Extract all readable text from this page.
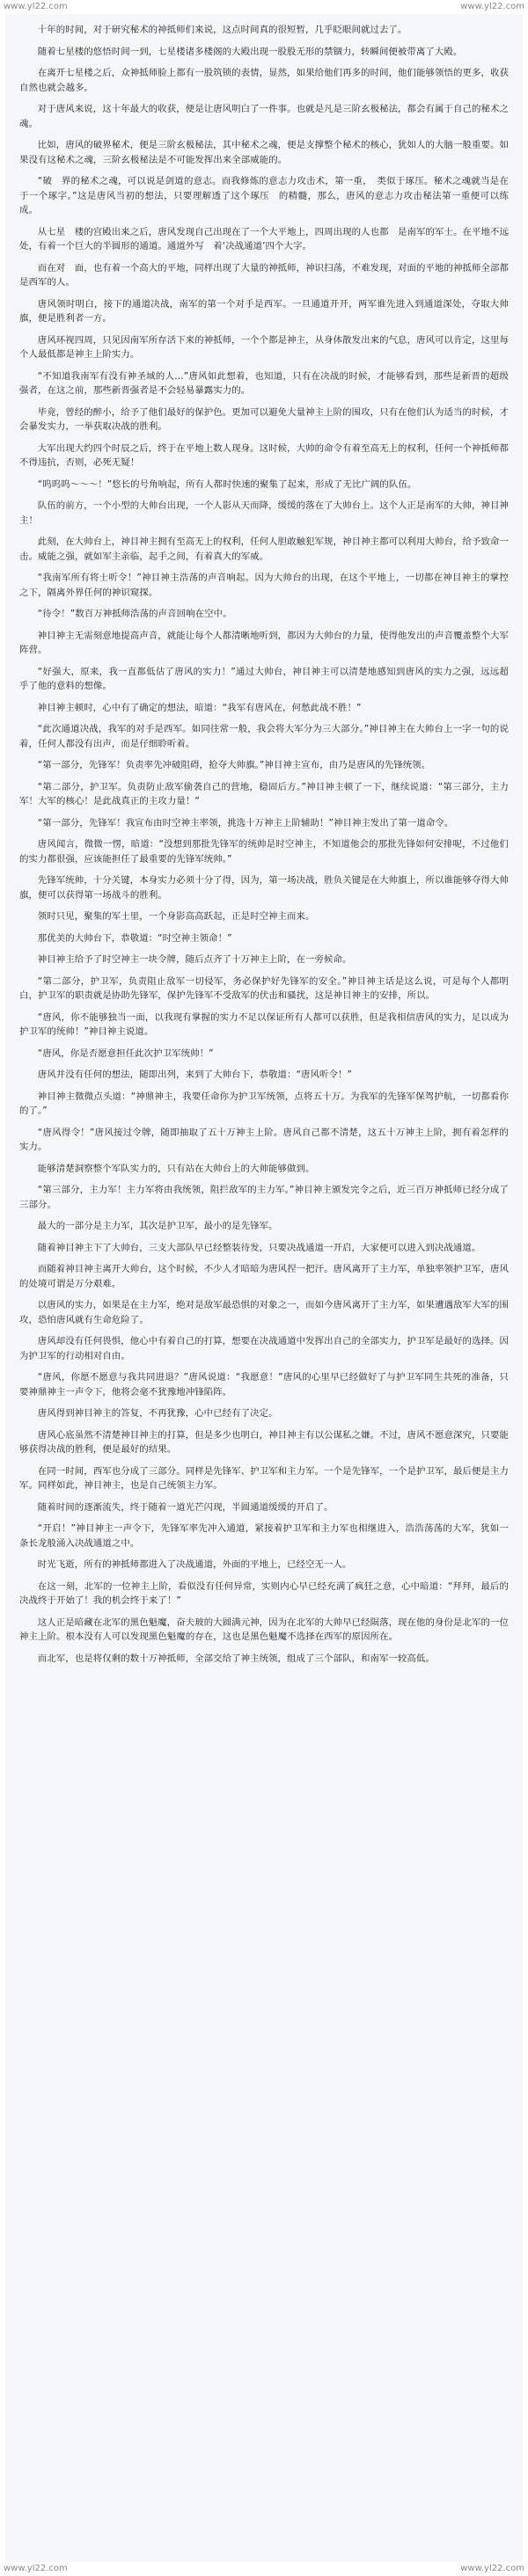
www.yl22.com	www.yl22.com

十年的时间，对于研究秘术的神抵师们来说，这点时间真的很短暂，几乎眨眼间就过去了。

随着七星楼的悠悟时间一到，七星楼诸多楼阁的大殿出现一股股无形的禁锢力，转瞬间便被带离了大殿。

在离开七星楼之后，众神抵师脸上都有一股筑锁的表情，显然，如果给他们再多的时间，他们能够领悟的更多，收获自然也就会越多。

对于唐风来说，这十年最大的收获，便是让唐风明白了一件事。也就是凡是三阶玄极秘法，都会有属于自己的秘术之魂。

比如，唐风的破界秘术，便是三阶玄极秘法，其中秘术之魂，便是支撑整个秘术的核心，犹如人的大脑一般重要。如果没有这秘术之魂，三阶玄极秘法是不可能发挥出来全部威能的。

“破　界的秘术之魂，可以说是剑道的意志。而我修炼的意志力攻击术，第一重，　类似于琢压。秘术之魂就当是在于一个琢字。”这是唐风当初的想法，只要理解透了这个琢压　的精髓，那么，唐风的意志力攻击秘法第一重便可以练成。

从七星　楼的宫殿出来之后，唐风发现自己出现在了一个大平地上，四周出现的人也都　是南军的军士。在平地不远处，有着一个巨大的半圆形的通道。通道外写　着‘决战通道’四个大字。

而在对　面，也有着一个高大的平地，同样出现了大量的神抵师，神识扫荡，不难发现，对面的平地的神抵师全部都是西军的人。

唐风领时明白，接下的通道决战，南军的第一个对手是西军。一旦通道开开，两军谁先进入到通道深处，夺取大帅旗，便是胜利者一方。

唐风环视四周，只见因南军所存活下来的神抵师，一个个都是神主，从身体散发出来的气息，唐风可以肯定，这里每个人最低都是神主上阶实力。

“不知道我南军有没有神圣域的人…”唐风如此想着，也知道，只有在决战的时候，才能够看到，那些是新晋的超级强者，在这之前，那些新晋强者是不会轻易暴露实力的。

毕竟，曾经的醉小，给予了他们最好的保护色。更加可以避免大量神主上阶的围攻，只有在他们认为适当的时候，才会暴发实力，一举获取决战的胜利。

大军出现大约四个时辰之后，终于在平地上数人现身。这时候，大帅的命令有着至高无上的权利，任何一个神抵师都不得违抗，否则，必死无疑！

“呜呜呜～～～！”悠长的号角响起，所有人都时快速的聚集了起来，形成了无比广阔的队伍。

队伍的前方，一个小型的大帅台出现，一个人影从天而降，缓缓的落在了大帅台上。这个人正是南军的大帅，神目神主！

此刻，在大帅台上，神目神主拥有至高无上的权利，任何人胆敢触犯军规，神目神主都可以利用大帅台，给予致命一击。威能之强，就如军主亲临，起手之间，有着真大的军威。

“我南军所有将士听令！”神目神主浩荡的声音响起。因为大帅台的出现，在这个平地上，一切都在神目神主的掌控之下，隔离外界任何的神识窥探。

“待令！”数百万神抵师浩荡的声音回响在空中。

神目神主无需刻意地提高声音，就能让每个人都清晰地听到，都因为大帅台的力量，使得他发出的声音覆盖整个大军阵营。

“好强大，原来，我一直都低估了唐风的实力！”通过大帅台，神目神主可以清楚地感知到唐风的实力之强，远远超乎了他的意料的想像。

神目神主顿时，心中有了确定的想法，暗道：“我军有唐风在，何愁此战不胜！”

“此次通道决战，我军的对手是西军。如同往常一般，我会将大军分为三大部分。”神目神主在大帅台上一字一句的说着，任何人都没有出声，而是仔细聆听着。

“第一部分，先锋军！负责率先冲破阻碍，抢夺大帅旗。”神目神主宣布，由乃是唐风的先锋统领。

“第二部分，护卫军。负责防止敌军偷袭自己的营地，稳固后方。”神目神主顿了一下，继续说道：“第三部分，主力军！大军的核心！是此战真正的主攻力量！”

“第一部分，先锋军！我宣布由时空神主率领，挑选十万神主上阶辅助！”神目神主发出了第一道命令。

唐风闻言，微微一愣，暗道：“没想到那批先锋军的统帅是时空神主，不知道他会的那批先锋如何安排呢，不过他们的实力都很强，应该能担任了最重要的先锋军统帅。”

先锋军统帅，十分关键，本身实力必须十分了得，因为，第一场决战，胜负关键是在大帅旗上，所以谁能够夺得大帅旗，便可以获得第一场战斗的胜利。

领时只见，聚集的军士里，一个身影高高跃起，正是时空神主而来。

那优美的大帅台下，恭敬道：“时空神主领命！”

神目神主给予了时空神主一块令牌，随后点齐了十万神主上阶，在一旁候命。

“第二部分，护卫军，负责阻止敌军一切侵军，务必保护好先锋军的安全。”神目神主话是这么说，可是每个人都明白，护卫军的职责就是协助先锋军，保护先锋军不受敌军的伏击和骚扰，这是神目神主的安排，所以。

“唐风，你不能够独当一面，以我现有掌握的实力不足以保证所有人都可以获胜，但是我相信唐风的实力，足以成为护卫军的统帅！”神目神主说道。

“唐风，你是否愿意担任此次护卫军统帅！”

唐风并没有任何的想法，随即出列，来到了大帅台下，恭敬道：“唐风听令！”

神目神主微微点头道：“神鼎神主，我要任命你为护卫军统领，点将五十万。为我军的先锋军保驾护航，一切都看你的了。”

“唐风得令！”唐风接过令牌，随即抽取了五十万神主上阶。唐风自己都不清楚，这五十万神主上阶，拥有着怎样的实力。

能够清楚洞察整个军队实力的，只有站在大帅台上的大帅能够做到。

“第三部分，主力军！主力军将由我统领，阻拦敌军的主力军。”神目神主颁发完令之后，近三百万神抵师已经分成了三部分。

最大的一部分是主力军，其次是护卫军，最小的是先锋军。

随着神目神主下了大帅台，三支大部队早已经整装待发，只要决战通道一开启，大家便可以进入到决战通道。

而随着神目神主离开大帅台，这个时候，不少人才暗暗为唐风捏一把汗。唐风离开了主力军，单独率领护卫军，唐风的处境可谓是万分艰难。

以唐风的实力，如果是在主力军，绝对是敌军最恐惧的对象之一，而如今唐风离开了主力军，如果遭遇敌军大军的围攻，恐怕唐风就有生命危险了。

唐风却没有任何畏惧，他心中有着自己的打算，想要在决战通道中发挥出自己的全部实力，护卫军是最好的选择。因为护卫军的行动相对自由。

“唐风，你愿不愿意与我共同进退？”唐风说道：“我愿意！”唐风的心里早已经做好了与护卫军同生共死的准备，只要神鼎神主一声令下，他将会毫不犹豫地冲锋陷阵。

唐风得到神目神主的答复，不再犹豫，心中已经有了决定。

唐风心底虽然不清楚神目神主的打算，但是多少也明白，神目神主有以公谋私之嫌。不过，唐风不愿意深究，只要能够获得决战的胜利，便是最好的结果。

在同一时间，西军也分成了三部分。同样是先锋军、护卫军和主力军。一个是先锋军，一个是护卫军，最后便是主力军。同样如此，神目神主，也是自己统领主力军。

随着时间的逐渐流失，终于随着一道光芒闪现，半圆通道缓缓的开启了。

“开启！”神目神主一声令下，先锋军率先冲入通道，紧接着护卫军和主力军也相继进入，浩浩荡荡的大军，犹如一条长龙般涌入决战通道之中。

时光飞逝，所有的神抵师都进入了决战通道，外面的平地上，已经空无一人。

在这一刻，北军的一位神主上阶，看似没有任何异常，实则内心早已经充满了疯狂之意，心中暗道：“拜拜，最后的决战终于开始了！我的机会终于来了！”

这人正是暗藏在北军的黑色魁魔，奋夫玻的大圆满元神，因为在北军的大帅早已经陨落，现在他的身份是北军的一位神主上阶。根本没有人可以发现黑色魁魔的存在，这也是黑色魁魔不选择在西军的原因所在。

而北军，也是将仅剩的数十万神抵师，全部交给了神主统领，组成了三个部队，和南军一较高低。

www.yl22.com	www.yl22.com
